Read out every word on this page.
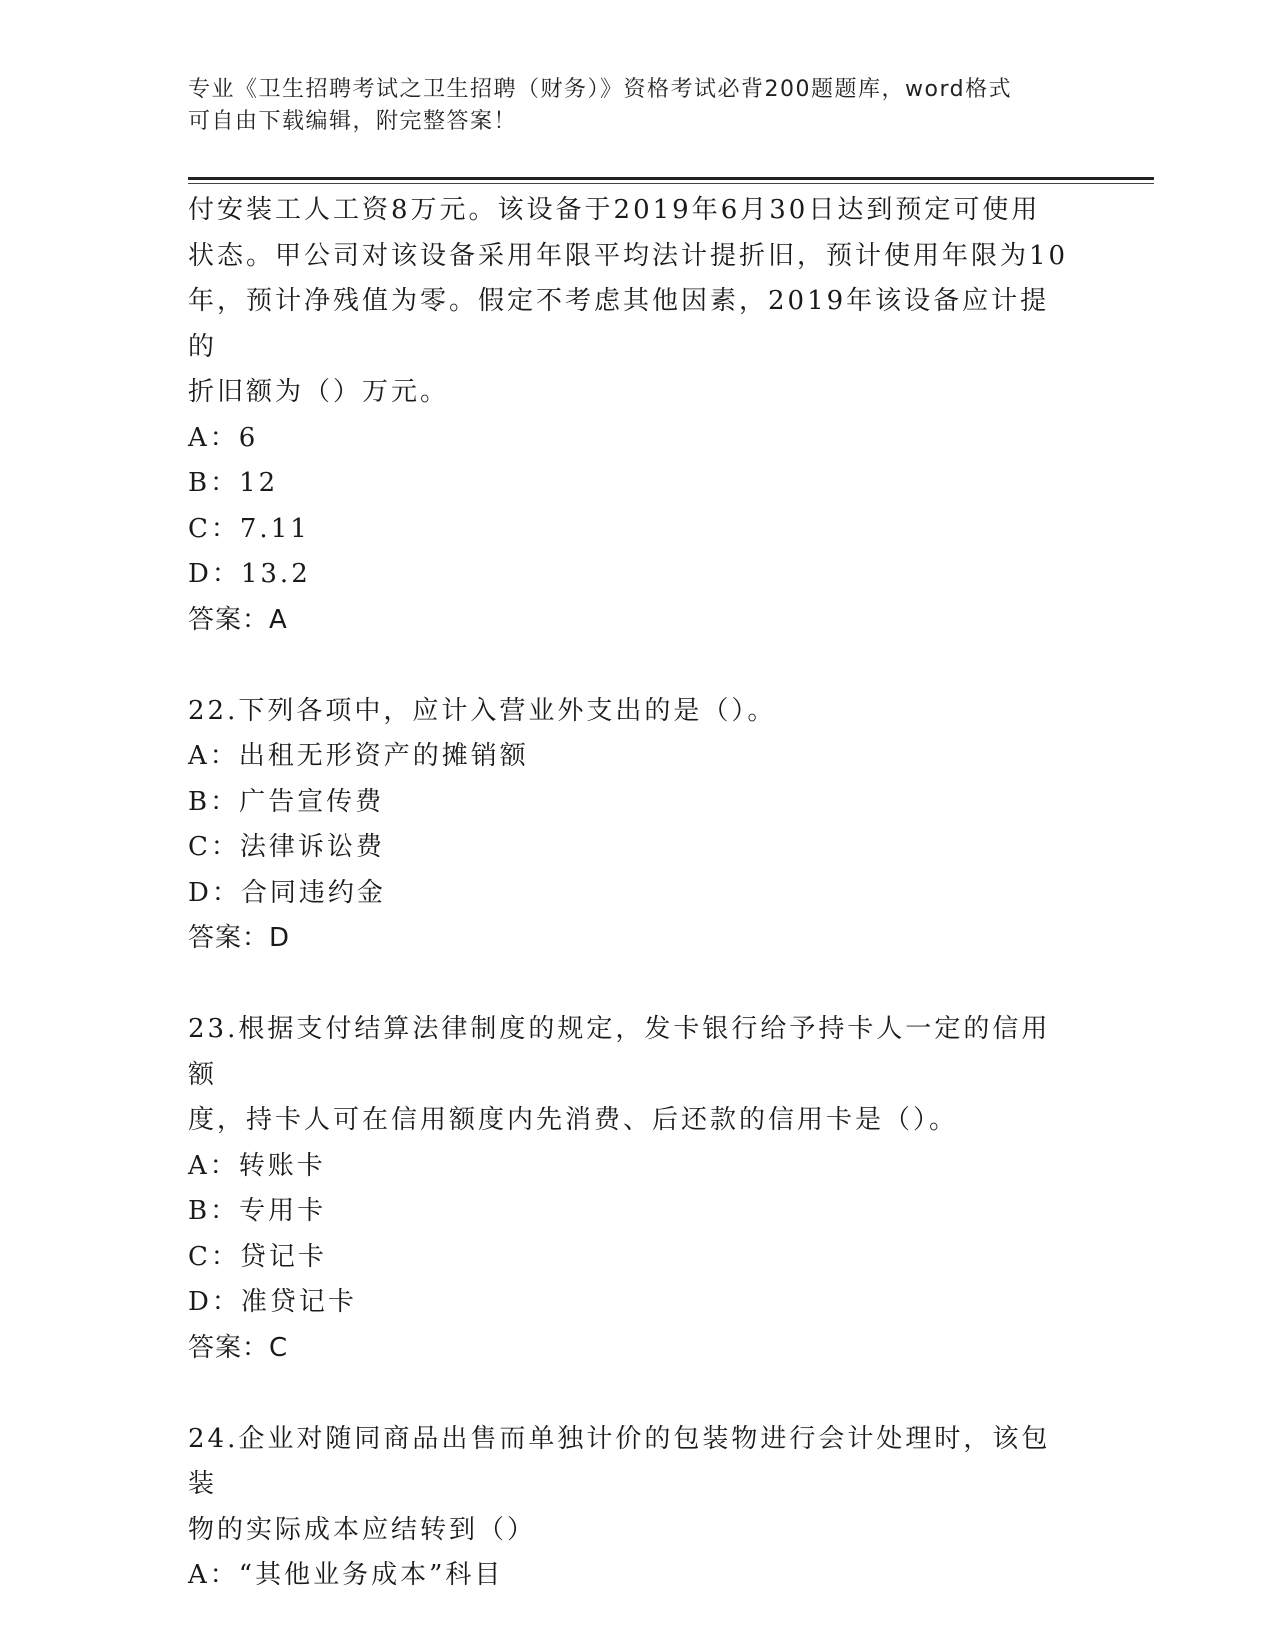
专业《卫生招聘考试之卫生招聘（财务）》资格考试必背200题题库，word格式
可自由下载编辑，附完整答案！
付安装工人工资8万元。该设备于2019年6月30日达到预定可使用
状态。甲公司对该设备采用年限平均法计提折旧，预计使用年限为10
年，预计净残值为零。假定不考虑其他因素，2019年该设备应计提的
折旧额为（）万元。
A：6
B：12
C：7.11
D：13.2
答案：A
22.下列各项中，应计入营业外支出的是（）。
A：出租无形资产的摊销额
B：广告宣传费
C：法律诉讼费
D：合同违约金
答案：D
23.根据支付结算法律制度的规定，发卡银行给予持卡人一定的信用额
度，持卡人可在信用额度内先消费、后还款的信用卡是（）。
A：转账卡
B：专用卡
C：贷记卡
D：准贷记卡
答案：C
24.企业对随同商品出售而单独计价的包装物进行会计处理时，该包装
物的实际成本应结转到（）
A：“其他业务成本”科目
